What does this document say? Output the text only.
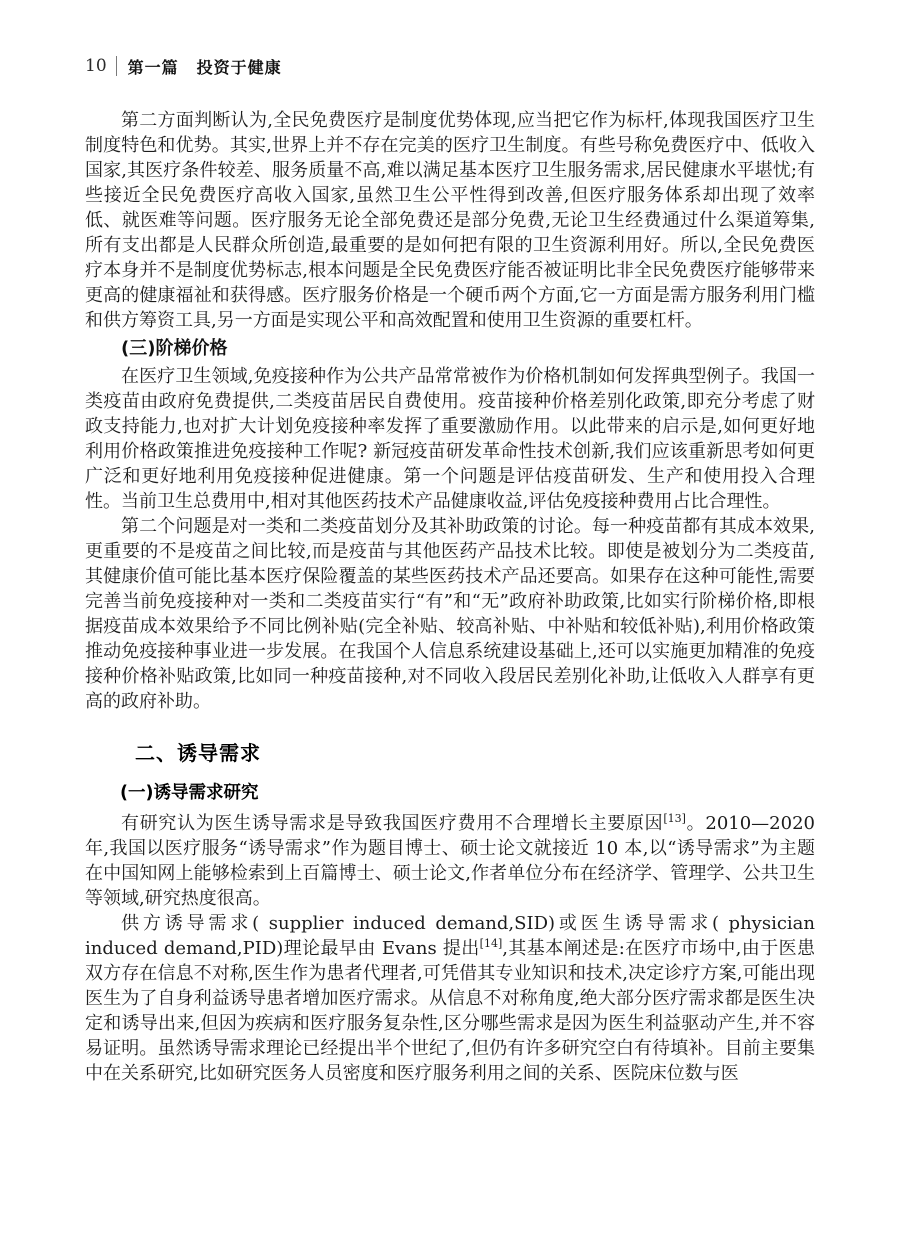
10 第一篇 投资于健康

第二方面判断认为,全民免费医疗是制度优势体现,应当把它作为标杆,体现我国医疗卫生制度特色和优势。其实,世界上并不存在完美的医疗卫生制度。有些号称免费医疗中、低收入国家,其医疗条件较差、服务质量不高,难以满足基本医疗卫生服务需求,居民健康水平堪忧;有些接近全民免费医疗高收入国家,虽然卫生公平性得到改善,但医疗服务体系却出现了效率低、就医难等问题。医疗服务无论全部免费还是部分免费,无论卫生经费通过什么渠道筹集,所有支出都是人民群众所创造,最重要的是如何把有限的卫生资源利用好。所以,全民免费医疗本身并不是制度优势标志,根本问题是全民免费医疗能否被证明比非全民免费医疗能够带来更高的健康福祉和获得感。医疗服务价格是一个硬币两个方面,它一方面是需方服务利用门槛和供方筹资工具,另一方面是实现公平和高效配置和使用卫生资源的重要杠杆。

(三)阶梯价格

在医疗卫生领域,免疫接种作为公共产品常常被作为价格机制如何发挥典型例子。我国一类疫苗由政府免费提供,二类疫苗居民自费使用。疫苗接种价格差别化政策,即充分考虑了财政支持能力,也对扩大计划免疫接种率发挥了重要激励作用。以此带来的启示是,如何更好地利用价格政策推进免疫接种工作呢? 新冠疫苗研发革命性技术创新,我们应该重新思考如何更广泛和更好地利用免疫接种促进健康。第一个问题是评估疫苗研发、生产和使用投入合理性。当前卫生总费用中,相对其他医药技术产品健康收益,评估免疫接种费用占比合理性。

第二个问题是对一类和二类疫苗划分及其补助政策的讨论。每一种疫苗都有其成本效果,更重要的不是疫苗之间比较,而是疫苗与其他医药产品技术比较。即使是被划分为二类疫苗,其健康价值可能比基本医疗保险覆盖的某些医药技术产品还要高。如果存在这种可能性,需要完善当前免疫接种对一类和二类疫苗实行“有”和“无”政府补助政策,比如实行阶梯价格,即根据疫苗成本效果给予不同比例补贴(完全补贴、较高补贴、中补贴和较低补贴),利用价格政策推动免疫接种事业进一步发展。在我国个人信息系统建设基础上,还可以实施更加精准的免疫接种价格补贴政策,比如同一种疫苗接种,对不同收入段居民差别化补助,让低收入人群享有更高的政府补助。

二、诱导需求
(一)诱导需求研究

有研究认为医生诱导需求是导致我国医疗费用不合理增长主要原因[13]。2010—2020年,我国以医疗服务“诱导需求”作为题目博士、硕士论文就接近 10 本,以“诱导需求”为主题在中国知网上能够检索到上百篇博士、硕士论文,作者单位分布在经济学、管理学、公共卫生等领域,研究热度很高。

供方诱导需求( supplier induced demand,SID)或医生诱导需求( physician induced demand,PID)理论最早由 Evans 提出[14],其基本阐述是:在医疗市场中,由于医患双方存在信息不对称,医生作为患者代理者,可凭借其专业知识和技术,决定诊疗方案,可能出现医生为了自身利益诱导患者增加医疗需求。从信息不对称角度,绝大部分医疗需求都是医生决定和诱导出来,但因为疾病和医疗服务复杂性,区分哪些需求是因为医生利益驱动产生,并不容易证明。虽然诱导需求理论已经提出半个世纪了,但仍有许多研究空白有待填补。目前主要集中在关系研究,比如研究医务人员密度和医疗服务利用之间的关系、医院床位数与医
